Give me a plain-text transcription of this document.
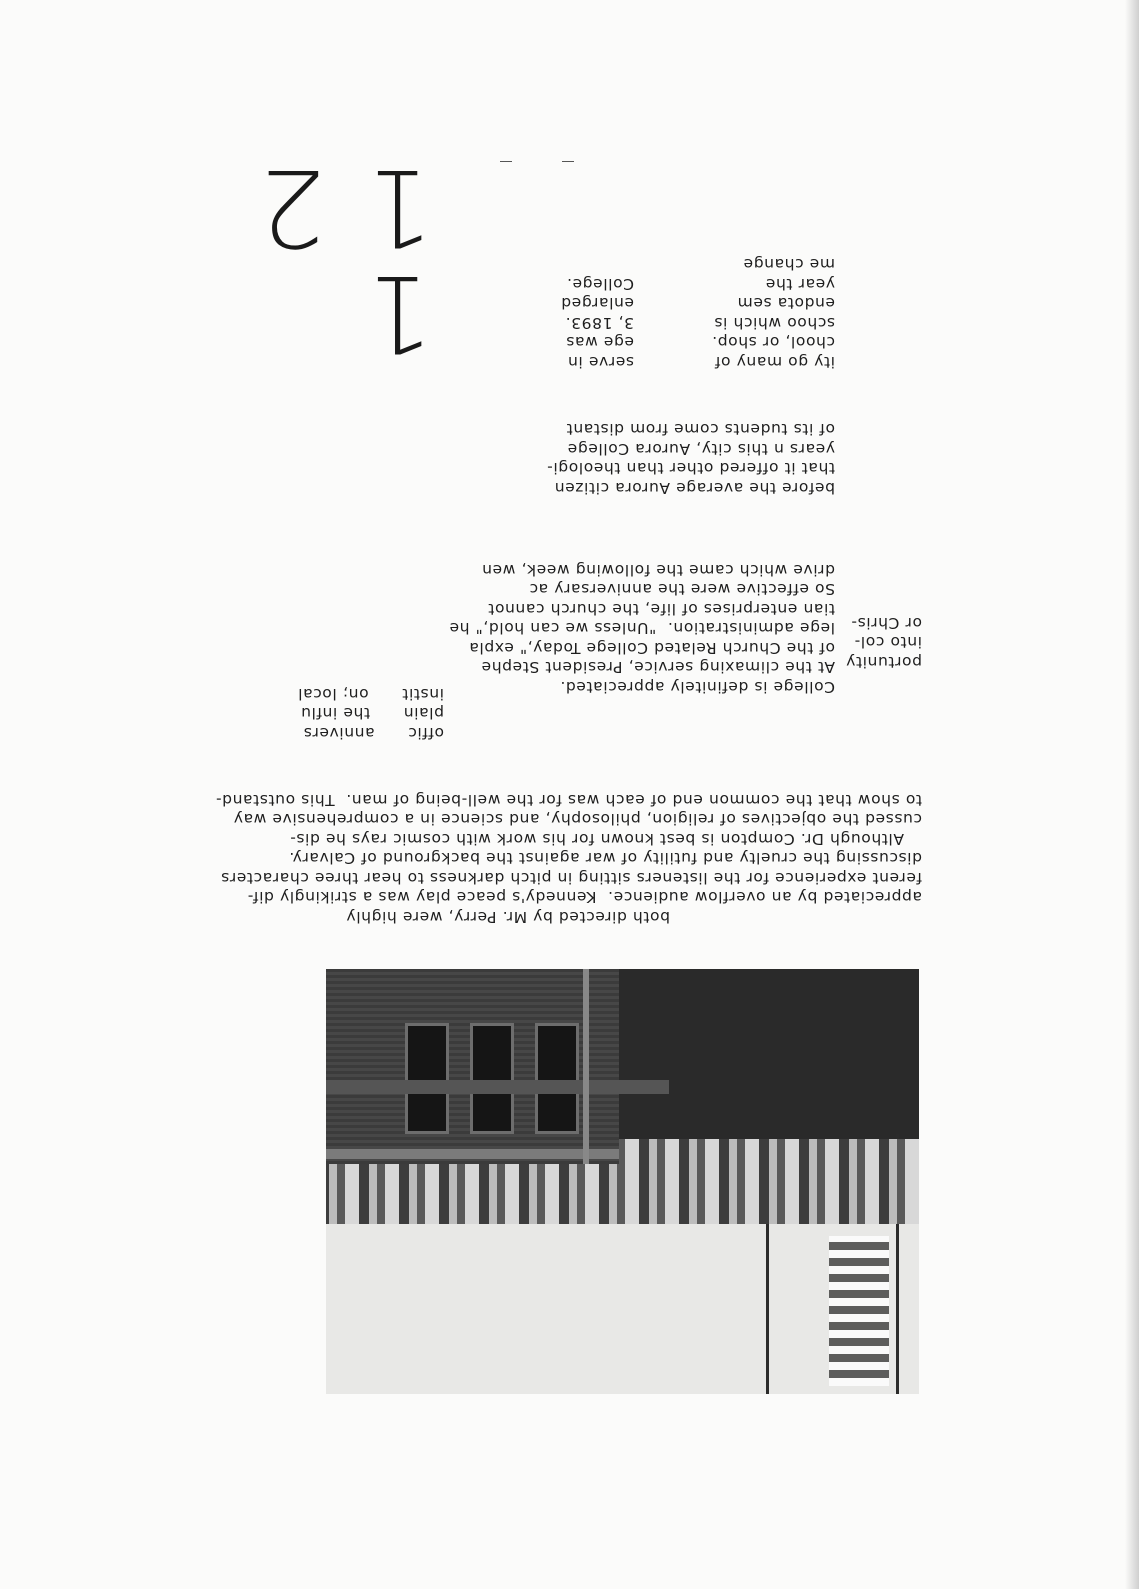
1 12
ity go many of
chool, or shop.
schoo which is
endota sem
year the
me change
serve in
ege was
3, 1893.
enlarged
College.
before the average Aurora citizen
that it offered other than theologi-
years n this city, Aurora College
of its tudents come from distant
College is definitely appreciated.
At the climaxing service, President Stephe
of the Church Related College Today," expla
lege administration.  "Unless we can hold," he
tian enterprises of life, the church cannot
So effective were the anniversary ac
drive which came the following week, wen
portunity
into col-
or Chris-
offic      annivers
plain      the influ
instit      on; local
both directed by Mr. Perry, were highly
appreciated by an overflow audience.  Kennedy's peace play was a strikingly dif-
ferent experience for the listeners sitting in pitch darkness to hear three characters
discussing the cruelty and futility of war against the background of Calvary.
Although Dr. Compton is best known for his work with cosmic rays he dis-
cussed the objectives of religion, philosophy, and science in a comprehensive way
to show that the common end of each was for the well-being of man.  This outstand-
